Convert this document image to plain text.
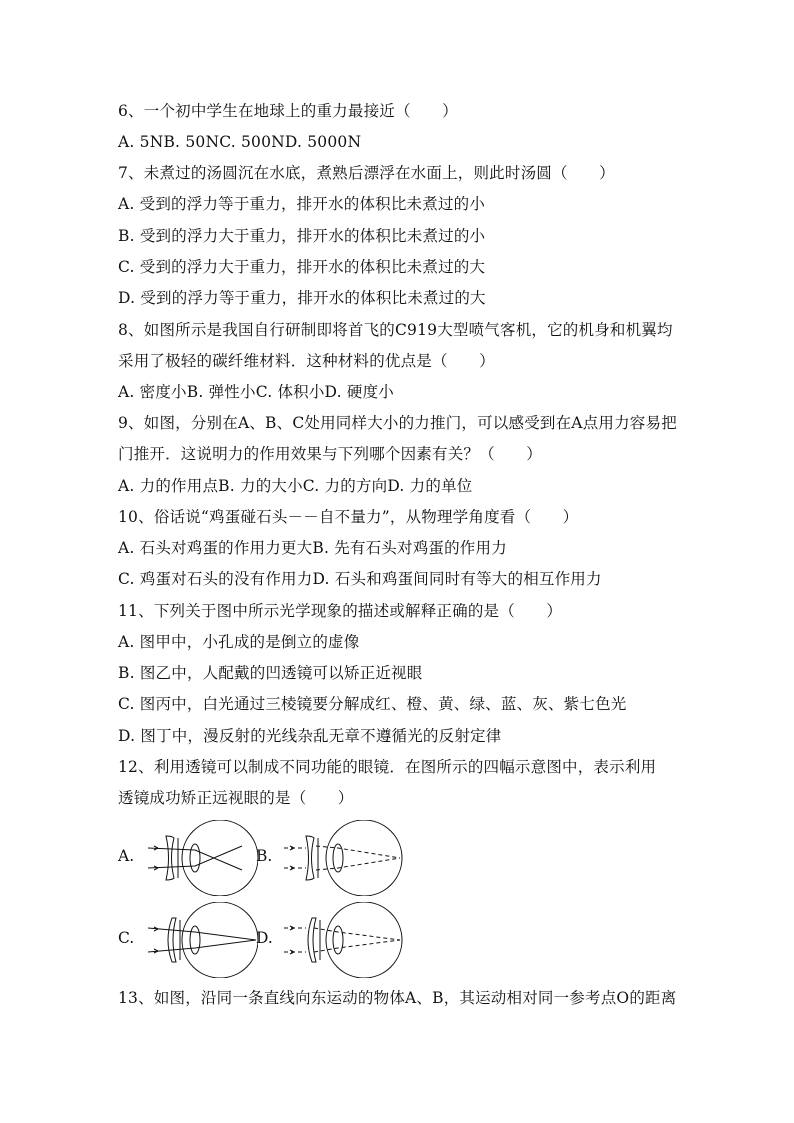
6、一个初中学生在地球上的重力最接近（　　）
A. 5NB. 50NC. 500ND. 5000N
7、未煮过的汤圆沉在水底，煮熟后漂浮在水面上，则此时汤圆（　　）
A. 受到的浮力等于重力，排开水的体积比未煮过的小
B. 受到的浮力大于重力，排开水的体积比未煮过的小
C. 受到的浮力大于重力，排开水的体积比未煮过的大
D. 受到的浮力等于重力，排开水的体积比未煮过的大
8、如图所示是我国自行研制即将首飞的C919大型喷气客机，它的机身和机翼均
采用了极轻的碳纤维材料．这种材料的优点是（　　）
A. 密度小B. 弹性小C. 体积小D. 硬度小
9、如图，分别在A、B、C处用同样大小的力推门，可以感受到在A点用力容易把
门推开．这说明力的作用效果与下列哪个因素有关？（　　）
A. 力的作用点B. 力的大小C. 力的方向D. 力的单位
10、俗话说“鸡蛋碰石头－－自不量力”，从物理学角度看（　　）
A. 石头对鸡蛋的作用力更大B. 先有石头对鸡蛋的作用力
C. 鸡蛋对石头的没有作用力D. 石头和鸡蛋间同时有等大的相互作用力
11、下列关于图中所示光学现象的描述或解释正确的是（　　）
A. 图甲中，小孔成的是倒立的虚像
B. 图乙中，人配戴的凹透镜可以矫正近视眼
C. 图丙中，白光通过三棱镜要分解成红、橙、黄、绿、蓝、灰、紫七色光
D. 图丁中，漫反射的光线杂乱无章不遵循光的反射定律
12、利用透镜可以制成不同功能的眼镜．在图所示的四幅示意图中，表示利用
透镜成功矫正远视眼的是（　　）
A.	B.
C.	D.
13、如图，沿同一条直线向东运动的物体A、B，其运动相对同一参考点O的距离
